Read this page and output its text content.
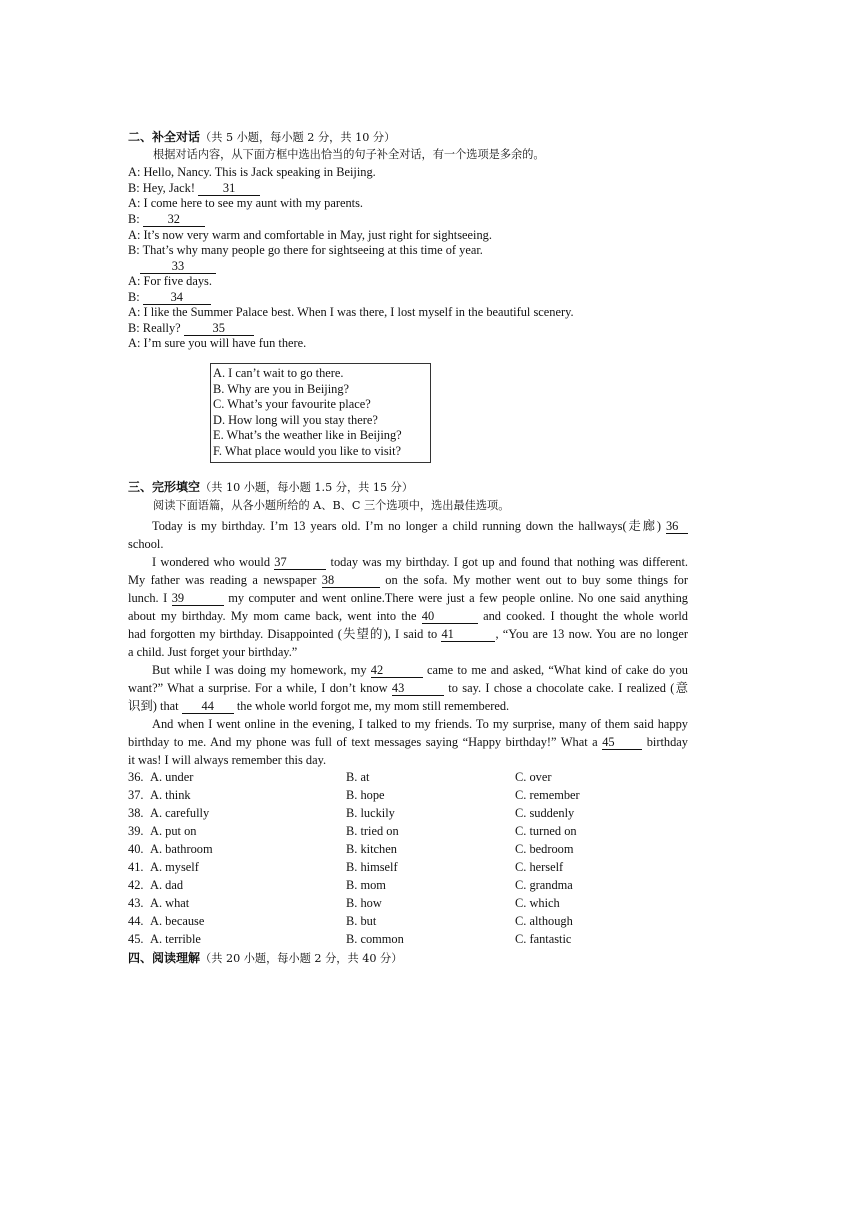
二、补全对话（共 5 小题，每小题 2 分，共 10 分）
根据对话内容，从下面方框中选出恰当的句子补全对话，有一个选项是多余的。
A: Hello, Nancy. This is Jack speaking in Beijing.
B: Hey, Jack! 31
A: I come here to see my aunt with my parents.
B: 32
A: It’s now very warm and comfortable in May, just right for sightseeing.
B: That’s why many people go there for sightseeing at this time of year.
33
A: For five days.
B: 34
A: I like the Summer Palace best. When I was there, I lost myself in the beautiful scenery.
B: Really? 35
A: I’m sure you will have fun there.
A. I can’t wait to go there.
B. Why are you in Beijing?
C. What’s your favourite place?
D. How long will you stay there?
E. What’s the weather like in Beijing?
F. What place would you like to visit?
三、完形填空（共 10 小题，每小题 1.5 分，共 15 分）
阅读下面语篇，从各小题所给的 A、B、C 三个选项中，选出最佳选项。
Today is my birthday. I’m 13 years old. I’m no longer a child running down the hallways(走廊) 36
school.
I wondered who would 37	today was my birthday. I got up and found that nothing was different.
My father was reading a newspaper 38	on the sofa. My mother went out to buy some things for
lunch. I 39	my computer and went online.There were just a few people online. No one said anything
about my birthday. My mom came back, went into the 40	and cooked. I thought the whole world
had forgotten my birthday. Disappointed (失望的), I said to 41	, “You are 13 now. You are no longer
a child. Just forget your birthday.”
But while I was doing my homework, my 42	came to me and asked, “What kind of cake do you
want?” What a surprise. For a while, I don’t know 43	to say. I chose a chocolate cake. I realized (意
识到) that 44 the whole world forgot me, my mom still remembered.
And when I went online in the evening, I talked to my friends. To my surprise, many of them said happy
birthday to me. And my phone was full of text messages saying “Happy birthday!” What a 45	birthday
it was! I will always remember this day.
36. A. under	B. at	C. over
37. A. think	B. hope	C. remember
38. A. carefully	B. luckily	C. suddenly
39. A. put on	B. tried on	C. turned on
40. A. bathroom	B. kitchen	C. bedroom
41. A. myself	B. himself	C. herself
42. A. dad	B. mom	C. grandma
43. A. what	B. how	C. which
44. A. because	B. but	C. although
45. A. terrible	B. common	C. fantastic
四、阅读理解（共 20 小题，每小题 2 分，共 40 分）
